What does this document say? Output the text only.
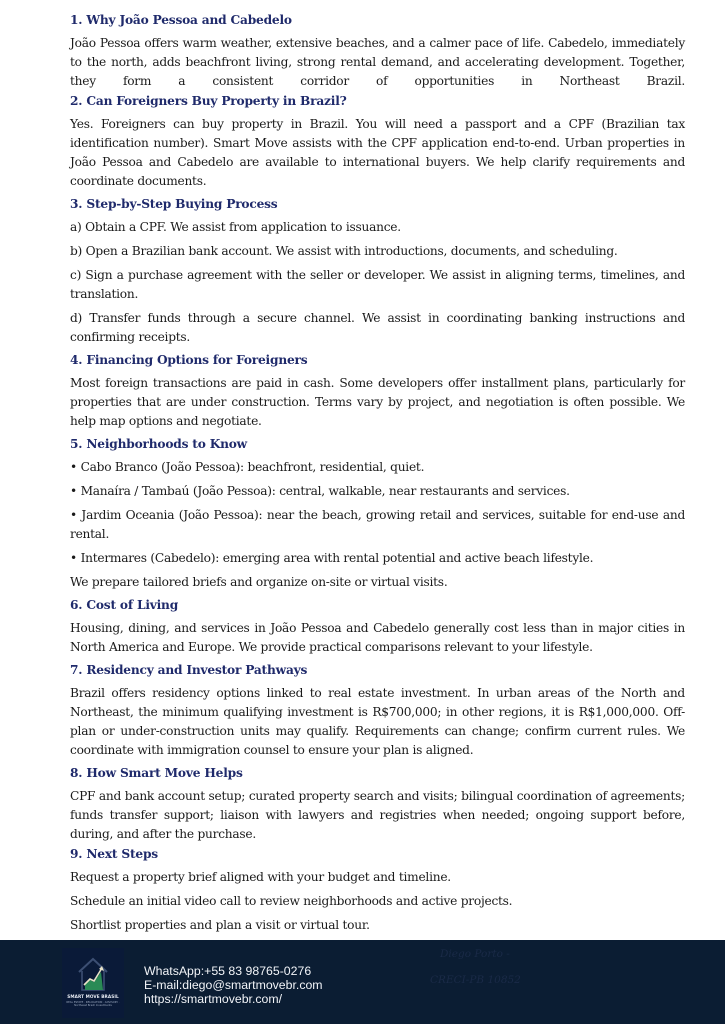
1. Why João Pessoa and Cabedelo

João Pessoa offers warm weather, extensive beaches, and a calmer pace of life. Cabedelo, immediately to the north, adds beachfront living, strong rental demand, and accelerating development. Together, they form a consistent corridor of opportunities in Northeast Brazil.

2. Can Foreigners Buy Property in Brazil?

Yes. Foreigners can buy property in Brazil. You will need a passport and a CPF (Brazilian tax identification number). Smart Move assists with the CPF application end-to-end. Urban properties in João Pessoa and Cabedelo are available to international buyers. We help clarify requirements and coordinate documents.

3. Step-by-Step Buying Process

a) Obtain a CPF. We assist from application to issuance.

b) Open a Brazilian bank account. We assist with introductions, documents, and scheduling.

c) Sign a purchase agreement with the seller or developer. We assist in aligning terms, timelines, and translation.

d) Transfer funds through a secure channel. We assist in coordinating banking instructions and confirming receipts.

4. Financing Options for Foreigners

Most foreign transactions are paid in cash. Some developers offer installment plans, particularly for properties that are under construction. Terms vary by project, and negotiation is often possible. We help map options and negotiate.

5. Neighborhoods to Know

• Cabo Branco (João Pessoa): beachfront, residential, quiet.

• Manaíra / Tambaú (João Pessoa): central, walkable, near restaurants and services.

• Jardim Oceania (João Pessoa): near the beach, growing retail and services, suitable for end-use and rental.

• Intermares (Cabedelo): emerging area with rental potential and active beach lifestyle.

We prepare tailored briefs and organize on-site or virtual visits.

6. Cost of Living

Housing, dining, and services in João Pessoa and Cabedelo generally cost less than in major cities in North America and Europe. We provide practical comparisons relevant to your lifestyle.

7. Residency and Investor Pathways

Brazil offers residency options linked to real estate investment. In urban areas of the North and Northeast, the minimum qualifying investment is R$700,000; in other regions, it is R$1,000,000. Off-plan or under-construction units may qualify. Requirements can change; confirm current rules. We coordinate with immigration counsel to ensure your plan is aligned.

8. How Smart Move Helps

CPF and bank account setup; curated property search and visits; bilingual coordination of agreements; funds transfer support; liaison with lawyers and registries when needed; ongoing support before, during, and after the purchase.

9. Next Steps

Request a property brief aligned with your budget and timeline.

Schedule an initial video call to review neighborhoods and active projects.

Shortlist properties and plan a visit or virtual tour.

SMART MOVE BRASIL
REAL ESTATE · RELOCATION · ADVISORY · Northeast Brazil Investments
WhatsApp:+55 83 98765-0276
E-mail:diego@smartmovebr.com
https://smartmovebr.com/
Diego Porto -
CRECI-PB 10852
